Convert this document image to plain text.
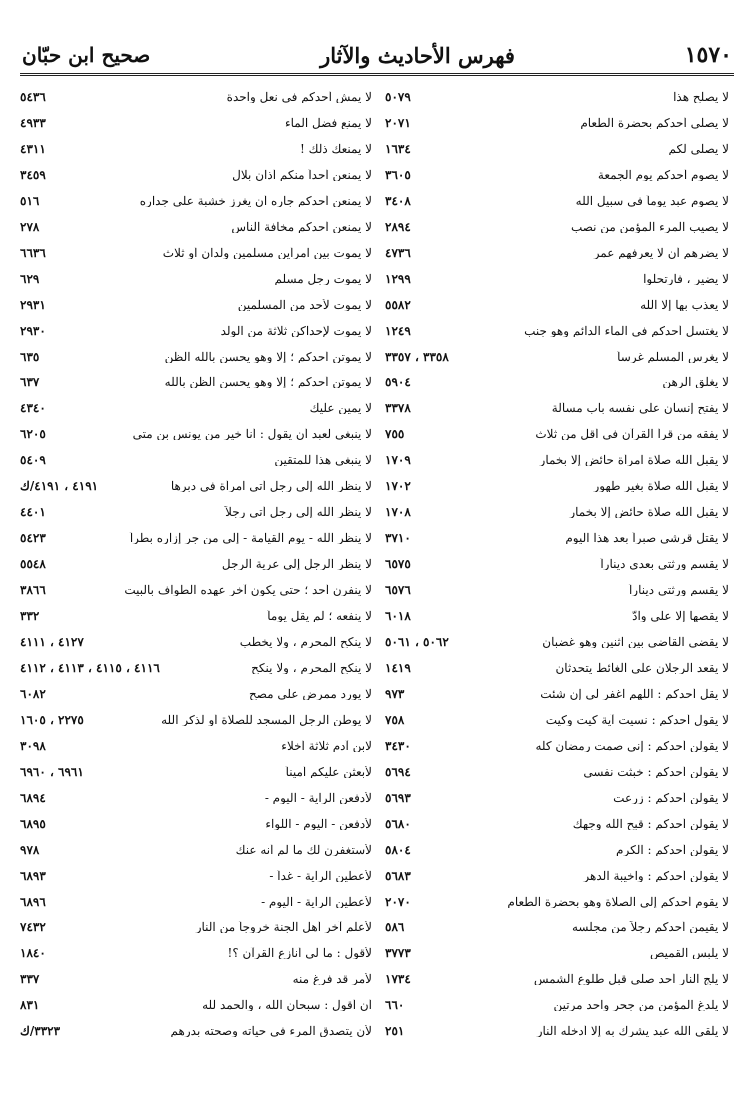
صحيح ابن حبّان	فهرس الأحاديث والآثار	١٥٧٠
لا يصلح هذا
٥٠٧٩
لا يصلي أحدكم بحضرة الطعام
٢٠٧١
لا يصلي لكم
١٦٣٤
لا يصوم أحدكم يوم الجمعة
٣٦٠٥
لا يصوم عبد يوماً في سبيل الله
٣٤٠٨
لا يصيب المرء المؤمن من نصب
٢٨٩٤
لا يضرهم أن لا يعرفهم عمر
٤٧٣٦
لا يضير ، فارتحلوا
١٢٩٩
لا يعذب بها إلا الله
٥٥٨٢
لا يغتسل أحدكم في الماء الدائم وهو جنب
١٢٤٩
لا يغرس المسلم غرساً
٣٣٥٨ ، ٣٣٥٧
لا يغلق الرهن
٥٩٠٤
لا يفتح إنسان على نفسه باب مسألة
٣٣٧٨
لا يفقه من قرأ القرآن في أقل من ثلاث
٧٥٥
لا يقبل الله صلاة امرأة حائض إلا بخمار
١٧٠٩
لا يقبل الله صلاة بغير طهور
١٧٠٢
لا يقبل الله صلاة حائض إلا بخمار
١٧٠٨
لا يقتل قرشي صبراً بعد هذا اليوم
٣٧١٠
لا يقسم ورثتي بعدي ديناراً
٦٥٧٥
لا يقسم ورثتي ديناراً
٦٥٧٦
لا يقصها إلا على وادّ
٦٠١٨
لا يقضي القاضي بين اثنين وهو غضبان
٥٠٦٢ ، ٥٠٦١
لا يقعد الرجلان على الغائط يتحدثان
١٤١٩
لا يقل أحدكم : اللهم اغفر لي إن شئت
٩٧٣
لا يقول أحدكم : نسيت آية كيت وكيت
٧٥٨
لا يقولن أحدكم : إني صمت رمضان كله
٣٤٣٠
لا يقولن أحدكم : خبثت نفسي
٥٦٩٤
لا يقولن أحدكم : زرعت
٥٦٩٣
لا يقولن أحدكم : قبح الله وجهك
٥٦٨٠
لا يقولن أحدكم : الكرم
٥٨٠٤
لا يقولن أحدكم : واخيبة الدهر
٥٦٨٣
لا يقوم أحدكم إلى الصلاة وهو بحضرة الطعام
٢٠٧٠
لا يقيمن أحدكم رجلاً من مجلسه
٥٨٦
لا يلبس القميص
٣٧٧٣
لا يلج النار أحد صلى قبل طلوع الشمس
١٧٣٤
لا يلدغ المؤمن من جحر واحد مرتين
٦٦٠
لا يلقى الله عبد يشرك به إلا أدخله النار
٢٥١
لا يمش أحدكم في نعل واحدة
٥٤٣٦
لا يمنع فضل الماء
٤٩٣٣
لا يمنعك ذلك !
٤٣١١
لا يمنعن أحداً منكم أذان بلال
٣٤٥٩
لا يمنعن أحدكم جاره أن يغرز خشبة على جداره
٥١٦
لا يمنعن أحدكم مخافة الناس
٢٧٨
لا يموت بين امرأين مسلمين ولدان أو ثلاث
٦٦٣٦
لا يموت رجل مسلم
٦٢٩
لا يموت لأحد من المسلمين
٢٩٣١
لا يموت لإحداكن ثلاثة من الولد
٢٩٣٠
لا يموتن أحدكم ؛ إلا وهو يحسن بالله الظن
٦٣٥
لا يموتن أحدكم ؛ إلا وهو يحسن الظن بالله
٦٣٧
لا يمين عليك
٤٣٤٠
لا ينبغي لعبد أن يقول : أنا خير من يونس بن متى
٦٢٠٥
لا ينبغي هذا للمتقين
٥٤٠٩
لا ينظر الله إلى رجل أتى امرأة في دبرها
٤١٩١ ، ٤١٩١/ك
لا ينظر الله إلى رجل أتى رجلاً
٤٤٠١
لا ينظر الله - يوم القيامة - إلى من جر إزاره بطراً
٥٤٢٣
لا ينظر الرجل إلى عرية الرجل
٥٥٤٨
لا ينفرن أحد ؛ حتى يكون آخر عهده الطواف بالبيت
٣٨٦٦
لا ينفعه ؛ لم يقل يوماً
٣٣٢
لا ينكح المحرم ، ولا يخطب
٤١٢٧ ، ٤١١١
لا ينكح المحرم ، ولا ينكح
٤١١٦ ، ٤١١٥ ، ٤١١٣ ، ٤١١٢
لا يورد ممرض على مصح
٦٠٨٢
لا يوطن الرجل المسجد للصلاة أو لذكر الله
٢٢٧٥ ، ١٦٠٥
لابن آدم ثلاثة أخلاء
٣٠٩٨
لأبعثن عليكم أميناً
٦٩٦١ ، ٦٩٦٠
لأدفعن الراية - اليوم -
٦٨٩٤
لأدفعن - اليوم - اللواء
٦٨٩٥
لأستغفرن لك ما لم أنه عنك
٩٧٨
لأعطين الراية - غداً -
٦٨٩٣
لأعطين الراية - اليوم -
٦٨٩٦
لأعلم آخر أهل الجنة خروجاً من النار
٧٤٣٢
لأقول : ما لي أنازع القرآن ؟!
١٨٤٠
لأمر قد فرغ منه
٣٣٧
أن أقول : سبحان الله ، والحمد لله
٨٣١
لأن يتصدق المرء في حياته وصحته بدرهم
٣٣٢٣/ك
